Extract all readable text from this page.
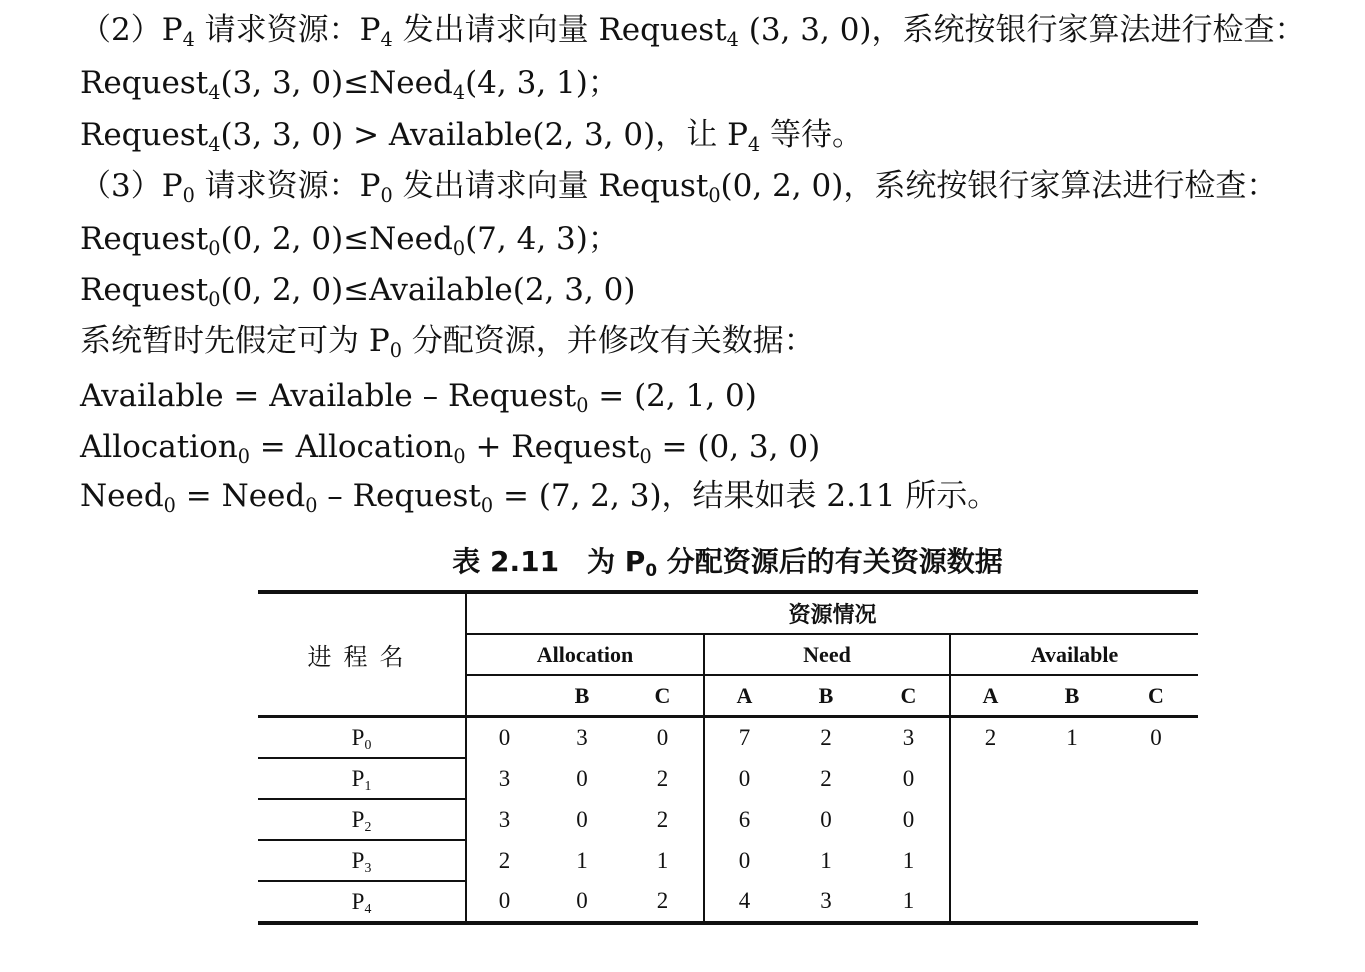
$(2)P_4$ 请求资源：$P_4$ 发出请求向量 Request$_4$ (3, 3, 0)，系统按银行家算法进行检查：
Request$_4$(3, 3, 0)≤Need$_4$(4, 3, 1)；
Request$_4$(3, 3, 0) > Available(2, 3, 0)，让 $P_4$ 等待。
$(3)P_0$ 请求资源：$P_0$ 发出请求向量 Requst$_0$(0, 2, 0)，系统按银行家算法进行检查：
Request$_0$(0, 2, 0)≤Need$_0$(7, 4, 3)；
Request$_0$(0, 2, 0)≤Available(2, 3, 0)
系统暂时先假定可为 $P_0$ 分配资源，并修改有关数据：
Available = Available – Request$_0$ = (2, 1, 0)
Allocation$_0$ = Allocation$_0$ + Request$_0$ = (0, 3, 0)
Need$_0$ = Need$_0$ – Request$_0$ = (7, 2, 3)，结果如表 2.11 所示。
表 2.11 为 $P_0$ 分配资源后的有关资源数据
进程名	资源情况								
	Allocation			Need			Available		
		B	C	A	B	C	A	B	C
$P_0$	0	3	0	7	2	3	2	1	0
$P_1$	3	0	2	0	2	0			
$P_2$	3	0	2	6	0	0			
$P_3$	2	1	1	0	1	1			
$P_4$	0	0	2	4	3	1			
